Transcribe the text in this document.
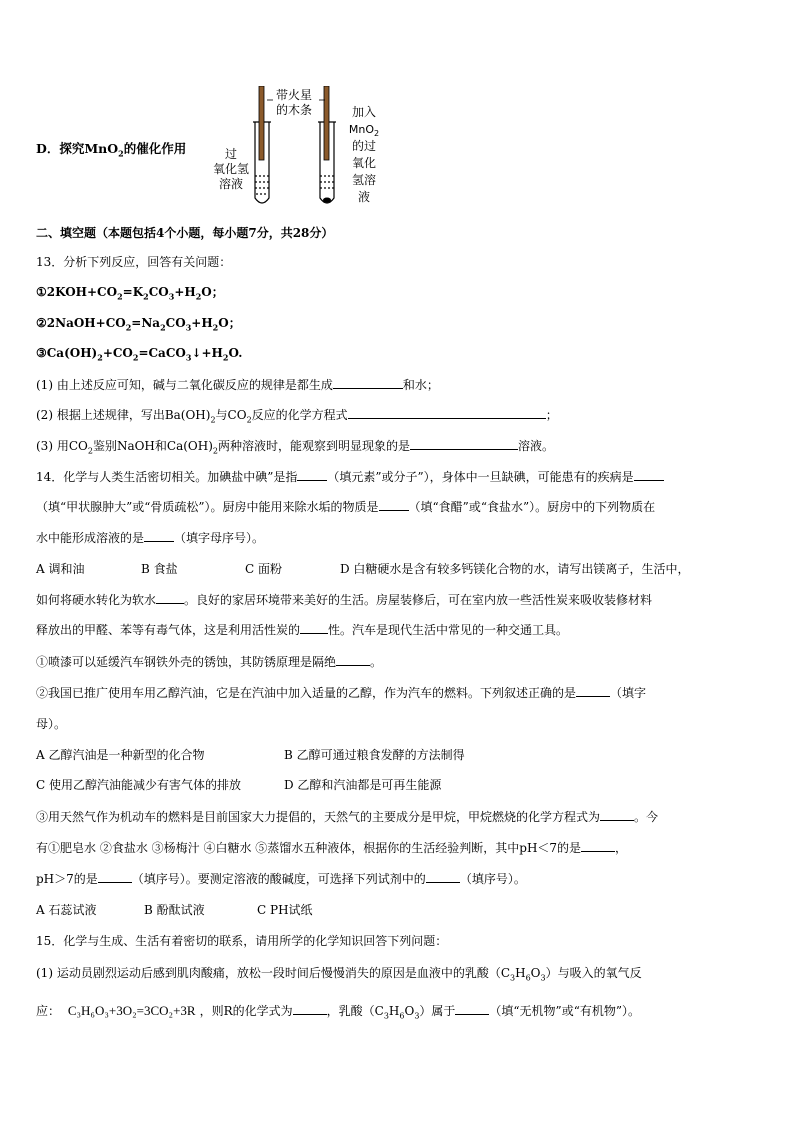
D．探究MnO$_2$的催化作用
带火星
的木条
过
氧化氢
溶液
加入
MnO$_2$
的过
氧化
氢溶
液
二、填空题（本题包括4个小题，每小题7分，共28分）
13．分析下列反应，回答有关问题：
$①2KOH+CO_2=K_2CO_3+H_2O$；
$②2NaOH+CO_2=Na_2CO_3+H_2O$；
$③Ca(OH)_2+CO_2=CaCO_3↓+H_2O$.
(1) 由上述反应可知，碱与二氧化碳反应的规律是都生成	和水；
(2) 根据上述规律，写出$Ba(OH)_2$与$CO_2$反应的化学方程式	；
(3) 用$CO_2$鉴别NaOH和$Ca(OH)_2$两种溶液时，能观察到明显现象的是	溶液。
14．化学与人类生活密切相关。加碘盐中碘”是指	（填元素”或分子”），身体中一旦缺碘，可能患有的疾病是
（填“甲状腺肿大”或“骨质疏松”）。厨房中能用来除水垢的物质是	（填“食醋”或“食盐水”）。厨房中的下列物质在
水中能形成溶液的是	（填字母序号）。
A 调和油	B 食盐	C 面粉	D 白糖硬水是含有较多钙镁化合物的水，请写出镁离子，生活中，
如何将硬水转化为软水 。良好的家居环境带来美好的生活。房屋装修后，可在室内放一些活性炭来吸收装修材料
释放出的甲醛、苯等有毒气体，这是利用活性炭的 性。汽车是现代生活中常见的一种交通工具。
①喷漆可以延缓汽车钢铁外壳的锈蚀，其防锈原理是隔绝	。
②我国已推广使用车用乙醇汽油，它是在汽油中加入适量的乙醇，作为汽车的燃料。下列叙述正确的是	（填字
母）。
A 乙醇汽油是一种新型的化合物	B 乙醇可通过粮食发酵的方法制得
C 使用乙醇汽油能减少有害气体的排放	D 乙醇和汽油都是可再生能源
③用天然气作为机动车的燃料是目前国家大力提倡的，天然气的主要成分是甲烷，甲烷燃烧的化学方程式为	。今
有①肥皂水 ②食盐水 ③杨梅汁 ④白糖水 ⑤蒸馏水五种液体，根据你的生活经验判断，其中pH＜7的是	，
pH＞7的是	（填序号）。要测定溶液的酸碱度，可选择下列试剂中的	（填序号）。
A 石蕊试液	B 酚酞试液	C PH试纸
15．化学与生成、生活有着密切的联系，请用所学的化学知识回答下列问题：
(1) 运动员剧烈运动后感到肌肉酸痛，放松一段时间后慢慢消失的原因是血液中的乳酸$(C_3H_6O_3)$与吸入的氧气反
应： C₃H₆O₃+3O₂=3CO₂+3R ，则R的化学式为	，乳酸$(C_3H_6O_3)$属于	（填“无机物”或“有机物”）。
